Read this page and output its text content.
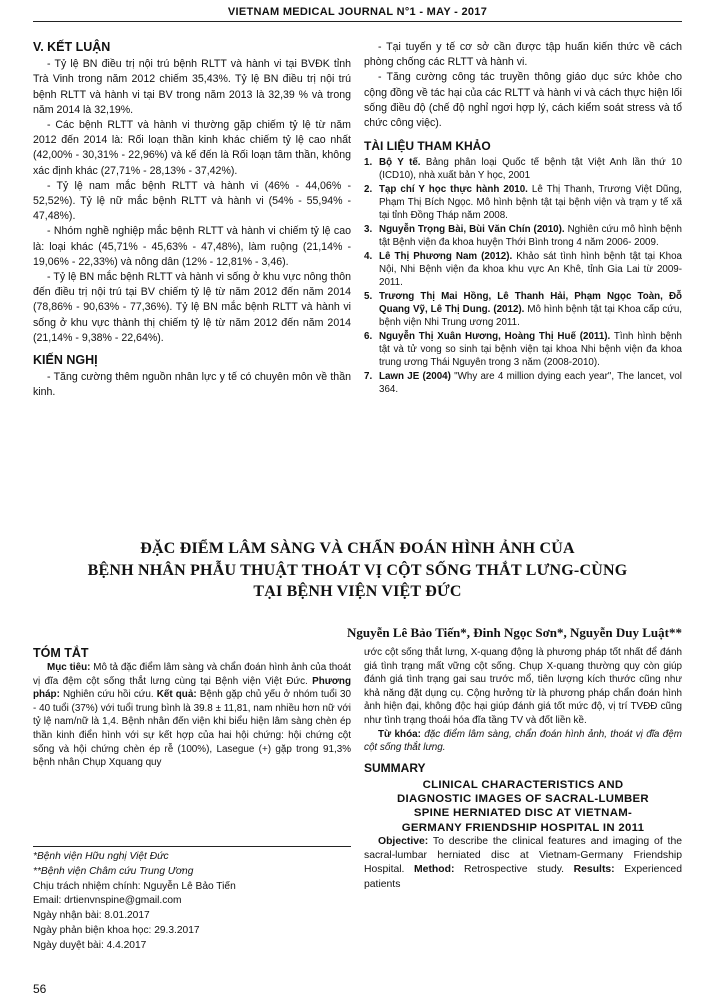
VIETNAM MEDICAL JOURNAL N°1 - MAY - 2017
V. KẾT LUẬN

- Tỷ lệ BN điều trị nội trú bệnh RLTT và hành vi tại BVĐK tỉnh Trà Vinh trong năm 2012 chiếm 35,43%. Tỷ lệ BN điều trị nội trú bệnh RLTT và hành vi tại BV trong năm 2013 là 32,39 % và trong năm 2014 là 32,19%.

- Các bệnh RLTT và hành vi thường gặp chiếm tỷ lệ từ năm 2012 đến 2014 là: Rối loạn thần kinh khác chiếm tỷ lệ cao nhất (42,00% - 30,31% - 22,96%) và kế đến là Rối loạn tâm thần, không xác định khác (27,71% - 28,13% - 37,42%).

- Tỷ lệ nam mắc bệnh RLTT và hành vi (46% - 44,06% - 52,52%). Tỷ lệ nữ mắc bệnh RLTT và hành vi (54% - 55,94% - 47,48%).

- Nhóm nghề nghiệp mắc bệnh RLTT và hành vi chiếm tỷ lệ cao là: loại khác (45,71% - 45,63% - 47,48%), làm ruộng (21,14% - 19,06% - 22,33%) và nông dân (12% - 12,81% - 3,46).

- Tỷ lệ BN mắc bệnh RLTT và hành vi sống ở khu vực nông thôn đến điều trị nội trú tại BV chiếm tỷ lệ từ năm 2012 đến năm 2014 (78,86% - 90,63% - 77,36%). Tỷ lệ BN mắc bệnh RLTT và hành vi sống ở khu vực thành thị chiếm tỷ lệ từ năm 2012 đến năm 2014 (21,14% - 9,38% - 22,64%).

KIẾN NGHỊ

- Tăng cường thêm nguồn nhân lực y tế có chuyên môn về thần kinh.

- Tại tuyến y tế cơ sở cần được tập huấn kiến thức về cách phòng chống các RLTT và hành vi.

- Tăng cường công tác truyền thông giáo dục sức khỏe cho cộng đồng về tác hại của các RLTT và hành vi và cách thực hiện lối sống điều độ (chế độ nghỉ ngơi hợp lý, cách kiểm soát stress và tổ chức công việc).

TÀI LIỆU THAM KHẢO
1. Bộ Y tế. Bảng phân loại Quốc tế bệnh tật Việt Anh lần thứ 10 (ICD10), nhà xuất bản Y học, 2001
2. Tạp chí Y học thực hành 2010. Lê Thị Thanh, Trương Việt Dũng, Phạm Thị Bích Ngọc. Mô hình bệnh tật tại bệnh viện và trạm y tế xã tại tỉnh Đồng Tháp năm 2008.
3. Nguyễn Trọng Bài, Bùi Văn Chín (2010). Nghiên cứu mô hình bệnh tật Bệnh viện đa khoa huyện Thới Bình trong 4 năm 2006- 2009.
4. Lê Thị Phương Nam (2012). Khảo sát tình hình bệnh tật tại Khoa Nội, Nhi Bệnh viện đa khoa khu vực An Khê, tỉnh Gia Lai từ 2009-2011.
5. Trương Thị Mai Hồng, Lê Thanh Hải, Phạm Ngọc Toàn, Đỗ Quang Vỹ, Lê Thị Dung. (2012). Mô hình bệnh tật tại Khoa cấp cứu, bệnh viện Nhi Trung ương 2011.
6. Nguyễn Thị Xuân Hương, Hoàng Thị Huế (2011). Tình hình bệnh tật và tử vong so sinh tại bệnh viện tại khoa Nhi bệnh viện đa khoa trung ương Thái Nguyên trong 3 năm (2008-2010).
7. Lawn JE (2004) "Why are 4 million dying each year", The lancet, vol 364.
ĐẶC ĐIỂM LÂM SÀNG VÀ CHẨN ĐOÁN HÌNH ẢNH CỦA
BỆNH NHÂN PHẪU THUẬT THOÁT VỊ CỘT SỐNG THẮT LƯNG-CÙNG
TẠI BỆNH VIỆN VIỆT ĐỨC
Nguyễn Lê Bảo Tiến*, Đinh Ngọc Sơn*, Nguyễn Duy Luật**
TÓM TẮT
Mục tiêu: Mô tả đặc điểm lâm sàng và chẩn đoán hình ảnh của thoát vị đĩa đệm cột sống thắt lưng cùng tại Bệnh viện Việt Đức. Phương pháp: Nghiên cứu hồi cứu. Kết quả: Bệnh gặp chủ yếu ở nhóm tuổi 30 - 40 tuổi (37%) với tuổi trung bình là 39.8 ± 11,81, nam nhiều hơn nữ với tỷ lệ nam/nữ là 1,4. Bệnh nhân đến viện khi biểu hiện lâm sàng chèn ép thần kinh điển hình với sự kết hợp của hai hội chứng: hội chứng cột sống và hội chứng chèn ép rễ (100%), Lasegue (+) gặp trong 91,3% bệnh nhân Chụp Xquang quy
*Bệnh viện Hữu nghị Việt Đức
**Bệnh viện Châm cứu Trung Ương
Chịu trách nhiệm chính: Nguyễn Lê Bảo Tiến
Email: drtienvnspine@gmail.com
Ngày nhận bài: 8.01.2017
Ngày phản biện khoa học: 29.3.2017
Ngày duyệt bài: 4.4.2017
ước cột sống thắt lưng, X-quang động là phương pháp tốt nhất để đánh giá tình trạng mất vững cột sống. Chụp X-quang thường quy còn giúp đánh giá tình trạng gai sau trước mổ, tiên lượng kích thước cũng như khả năng đặt dụng cụ. Cộng hưởng từ là phương pháp chẩn đoán hình ảnh hiện đại, không độc hại giúp đánh giá tốt mức độ, vị trí TVĐĐ cũng như tình trạng thoái hóa đĩa tầng TV và đốt liền kề.
Từ khóa: đặc điểm lâm sàng, chẩn đoán hình ảnh, thoát vị đĩa đệm cột sống thắt lưng.
SUMMARY
CLINICAL CHARACTERISTICS AND
DIAGNOSTIC IMAGES OF SACRAL-LUMBER
SPINE HERNIATED DISC AT VIETNAM-
GERMANY FRIENDSHIP HOSPITAL IN 2011
Objective: To describe the clinical features and imaging of the sacral-lumbar herniated disc at Vietnam-Germany Friendship Hospital. Method: Retrospective study. Results: Experienced patients
56
